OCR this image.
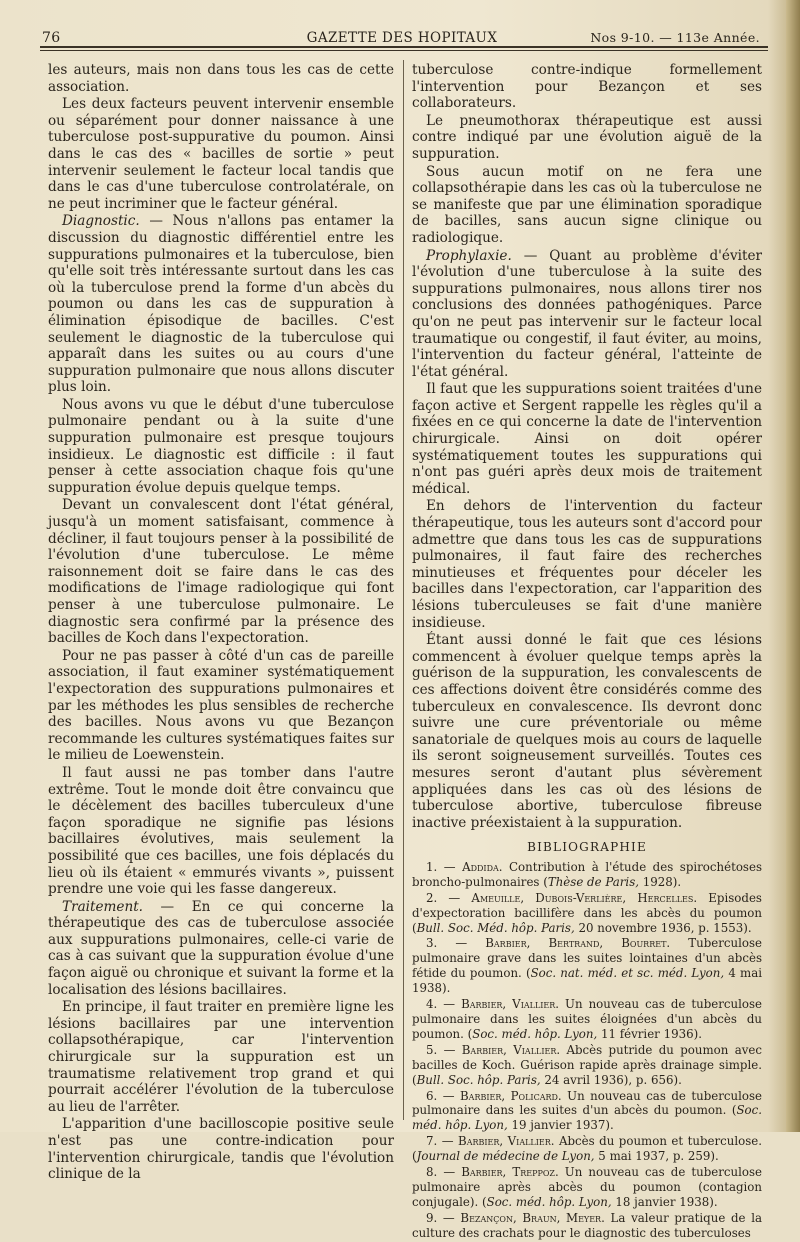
76	GAZETTE DES HOPITAUX	Nos 9-10. — 113e Année.

les auteurs, mais non dans tous les cas de cette association.

Les deux facteurs peuvent intervenir ensemble ou séparément pour donner naissance à une tuberculose post-suppurative du poumon. Ainsi dans le cas des « bacilles de sortie » peut intervenir seulement le facteur local tandis que dans le cas d'une tuberculose controlatérale, on ne peut incriminer que le facteur général.

Diagnostic. — Nous n'allons pas entamer la discussion du diagnostic différentiel entre les suppurations pulmonaires et la tuberculose, bien qu'elle soit très intéressante surtout dans les cas où la tuberculose prend la forme d'un abcès du poumon ou dans les cas de suppuration à élimination épisodique de bacilles. C'est seulement le diagnostic de la tuberculose qui apparaît dans les suites ou au cours d'une suppuration pulmonaire que nous allons discuter plus loin.

Nous avons vu que le début d'une tuberculose pulmonaire pendant ou à la suite d'une suppuration pulmonaire est presque toujours insidieux. Le diagnostic est difficile : il faut penser à cette association chaque fois qu'une suppuration évolue depuis quelque temps.

Devant un convalescent dont l'état général, jusqu'à un moment satisfaisant, commence à décliner, il faut toujours penser à la possibilité de l'évolution d'une tuberculose. Le même raisonnement doit se faire dans le cas des modifications de l'image radiologique qui font penser à une tuberculose pulmonaire. Le diagnostic sera confirmé par la présence des bacilles de Koch dans l'expectoration.

Pour ne pas passer à côté d'un cas de pareille association, il faut examiner systématiquement l'expectoration des suppurations pulmonaires et par les méthodes les plus sensibles de recherche des bacilles. Nous avons vu que Bezançon recommande les cultures systématiques faites sur le milieu de Loewenstein.

Il faut aussi ne pas tomber dans l'autre extrême. Tout le monde doit être convaincu que le décèlement des bacilles tuberculeux d'une façon sporadique ne signifie pas lésions bacillaires évolutives, mais seulement la possibilité que ces bacilles, une fois déplacés du lieu où ils étaient « emmurés vivants », puissent prendre une voie qui les fasse dangereux.

Traitement. — En ce qui concerne la thérapeutique des cas de tuberculose associée aux suppurations pulmonaires, celle-ci varie de cas à cas suivant que la suppuration évolue d'une façon aiguë ou chronique et suivant la forme et la localisation des lésions bacillaires.

En principe, il faut traiter en première ligne les lésions bacillaires par une intervention collapsothérapique, car l'intervention chirurgicale sur la suppuration est un traumatisme relativement trop grand et qui pourrait accélérer l'évolution de la tuberculose au lieu de l'arrêter.

L'apparition d'une bacilloscopie positive seule n'est pas une contre-indication pour l'intervention chirurgicale, tandis que l'évolution clinique de la

tuberculose contre-indique formellement l'intervention pour Bezançon et ses collaborateurs.

Le pneumothorax thérapeutique est aussi contre indiqué par une évolution aiguë de la suppuration.

Sous aucun motif on ne fera une collapsothérapie dans les cas où la tuberculose ne se manifeste que par une élimination sporadique de bacilles, sans aucun signe clinique ou radiologique.

Prophylaxie. — Quant au problème d'éviter l'évolution d'une tuberculose à la suite des suppurations pulmonaires, nous allons tirer nos conclusions des données pathogéniques. Parce qu'on ne peut pas intervenir sur le facteur local traumatique ou congestif, il faut éviter, au moins, l'intervention du facteur général, l'atteinte de l'état général.

Il faut que les suppurations soient traitées d'une façon active et Sergent rappelle les règles qu'il a fixées en ce qui concerne la date de l'intervention chirurgicale. Ainsi on doit opérer systématiquement toutes les suppurations qui n'ont pas guéri après deux mois de traitement médical.

En dehors de l'intervention du facteur thérapeutique, tous les auteurs sont d'accord pour admettre que dans tous les cas de suppurations pulmonaires, il faut faire des recherches minutieuses et fréquentes pour déceler les bacilles dans l'expectoration, car l'apparition des lésions tuberculeuses se fait d'une manière insidieuse.

Étant aussi donné le fait que ces lésions commencent à évoluer quelque temps après la guérison de la suppuration, les convalescents de ces affections doivent être considérés comme des tuberculeux en convalescence. Ils devront donc suivre une cure préventoriale ou même sanatoriale de quelques mois au cours de laquelle ils seront soigneusement surveillés. Toutes ces mesures seront d'autant plus sévèrement appliquées dans les cas où des lésions de tuberculose abortive, tuberculose fibreuse inactive préexistaient à la suppuration.

BIBLIOGRAPHIE

1. — Addida. Contribution à l'étude des spirochétoses broncho-pulmonaires (Thèse de Paris, 1928).

2. — Ameuille, Dubois-Verlière, Hercelles. Episodes d'expectoration bacillifère dans les abcès du poumon (Bull. Soc. Méd. hôp. Paris, 20 novembre 1936, p. 1553).

3. — Barbier, Bertrand, Bourret. Tuberculose pulmonaire grave dans les suites lointaines d'un abcès fétide du poumon. (Soc. nat. méd. et sc. méd. Lyon, 4 mai 1938).

4. — Barbier, Viallier. Un nouveau cas de tuberculose pulmonaire dans les suites éloignées d'un abcès du poumon. (Soc. méd. hôp. Lyon, 11 février 1936).

5. — Barbier, Viallier. Abcès putride du poumon avec bacilles de Koch. Guérison rapide après drainage simple. (Bull. Soc. hôp. Paris, 24 avril 1936), p. 656).

6. — Barbier, Policard. Un nouveau cas de tuberculose pulmonaire dans les suites d'un abcès du poumon. (Soc. méd. hôp. Lyon, 19 janvier 1937).

7. — Barbier, Viallier. Abcès du poumon et tuberculose. (Journal de médecine de Lyon, 5 mai 1937, p. 259).

8. — Barbier, Treppoz. Un nouveau cas de tuberculose pulmonaire après abcès du poumon (contagion conjugale). (Soc. méd. hôp. Lyon, 18 janvier 1938).

9. — Bezançon, Braun, Meyer. La valeur pratique de la culture des crachats pour le diagnostic des tuberculoses
